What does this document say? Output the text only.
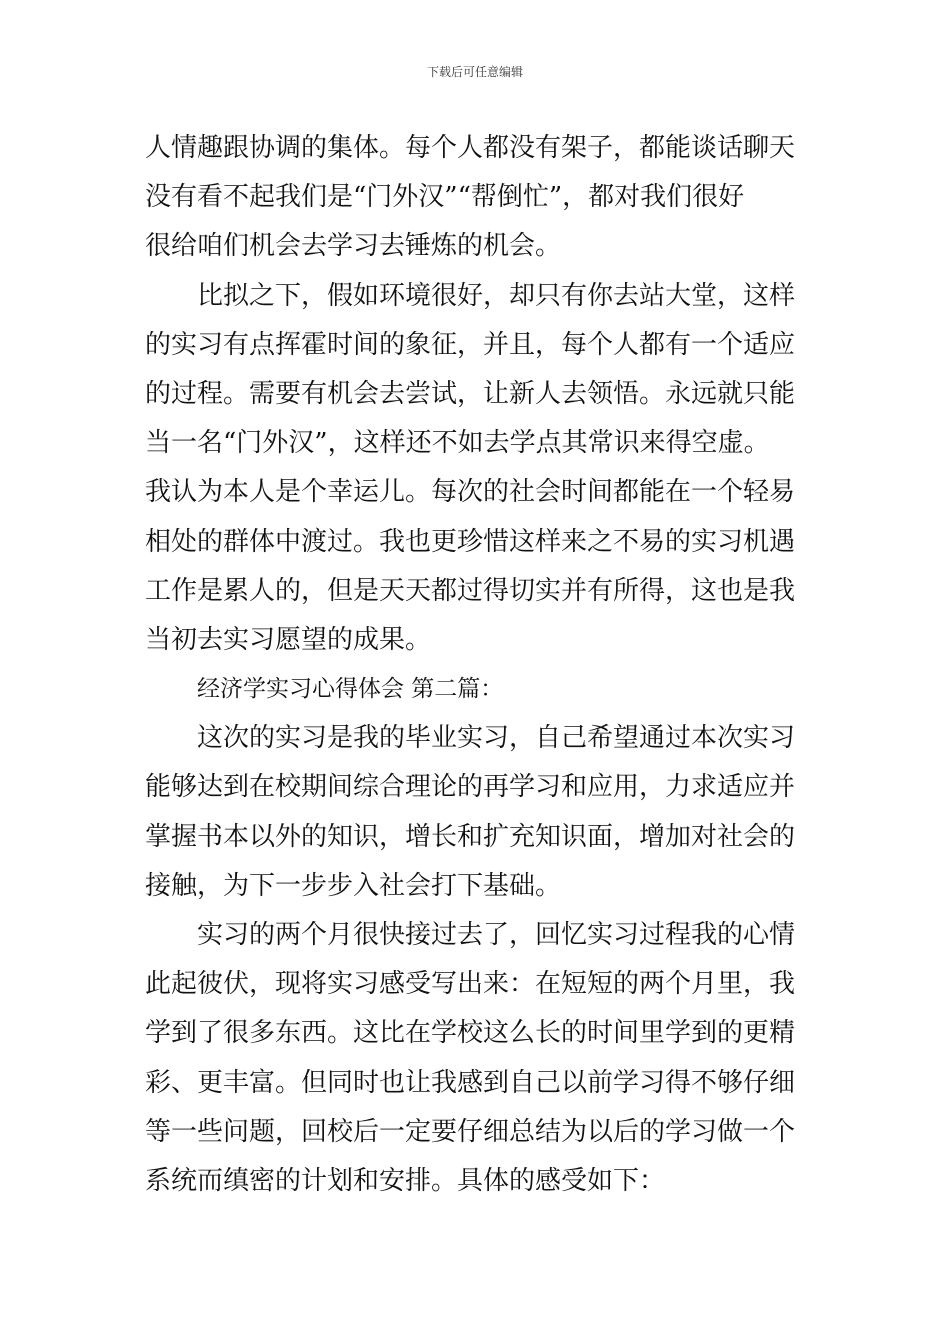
下载后可任意编辑
人情趣跟协调的集体。每个人都没有架子，都能谈话聊天
没有看不起我们是“门外汉”“帮倒忙”，都对我们很好
很给咱们机会去学习去锤炼的机会。
比拟之下，假如环境很好，却只有你去站大堂，这样
的实习有点挥霍时间的象征，并且，每个人都有一个适应
的过程。需要有机会去尝试，让新人去领悟。永远就只能
当一名“门外汉”，这样还不如去学点其常识来得空虚。
我认为本人是个幸运儿。每次的社会时间都能在一个轻易
相处的群体中渡过。我也更珍惜这样来之不易的实习机遇
工作是累人的，但是天天都过得切实并有所得，这也是我
当初去实习愿望的成果。
经济学实习心得体会 第二篇：
这次的实习是我的毕业实习，自己希望通过本次实习
能够达到在校期间综合理论的再学习和应用，力求适应并
掌握书本以外的知识，增长和扩充知识面，增加对社会的
接触，为下一步步入社会打下基础。
实习的两个月很快接过去了，回忆实习过程我的心情
此起彼伏，现将实习感受写出来：在短短的两个月里，我
学到了很多东西。这比在学校这么长的时间里学到的更精
彩、更丰富。但同时也让我感到自己以前学习得不够仔细
等一些问题，回校后一定要仔细总结为以后的学习做一个
系统而缜密的计划和安排。具体的感受如下：
